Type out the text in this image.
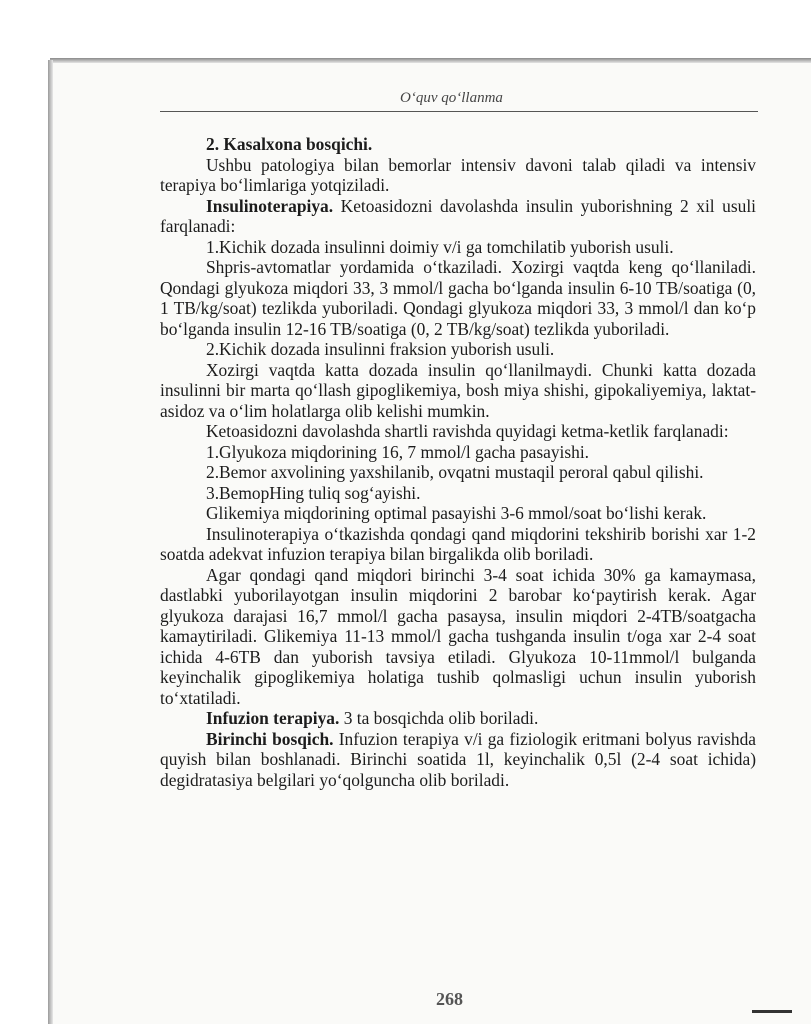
O‘quv qo‘llanma

2. Kasalxona bosqichi.

Ushbu patologiya bilan bemorlar intensiv davoni talab qiladi va intensiv terapiya bo‘limlariga yotqiziladi.

Insulinoterapiya. Ketoasidozni davolashda insulin yuborishning 2 xil usuli farqlanadi:

1.Kichik dozada insulinni doimiy v/i ga tomchilatib yuborish usuli.

Shpris-avtomatlar yordamida o‘tkaziladi. Xozirgi vaqtda keng qo‘llaniladi. Qondagi glyukoza miqdori 33, 3 mmol/l gacha bo‘lganda insulin 6-10 TB/soatiga (0, 1 TB/kg/soat) tezlikda yuboriladi. Qondagi glyukoza miqdori 33, 3 mmol/l dan ko‘p bo‘lganda insulin 12-16 TB/soatiga (0, 2 TB/kg/soat) tezlikda yuboriladi.

2.Kichik dozada insulinni fraksion yuborish usuli.

Xozirgi vaqtda katta dozada insulin qo‘llanilmaydi. Chunki katta dozada insulinni bir marta qo‘llash gipoglikemiya, bosh miya shishi, gipokaliyemiya, laktat-asidoz va o‘lim holatlarga olib kelishi mumkin.

Ketoasidozni davolashda shartli ravishda quyidagi ketma-ketlik farqlanadi:

1.Glyukoza miqdorining 16, 7 mmol/l gacha pasayishi.

2.Bemor axvolining yaxshilanib, ovqatni mustaqil peroral qabul qilishi.

3.BemopHing tuliq sog‘ayishi.

Glikemiya miqdorining optimal pasayishi 3-6 mmol/soat bo‘lishi kerak.

Insulinoterapiya o‘tkazishda qondagi qand miqdorini tekshirib borishi xar 1-2 soatda adekvat infuzion terapiya bilan birgalikda olib boriladi.

Agar qondagi qand miqdori birinchi 3-4 soat ichida 30% ga kamaymasa, dastlabki yuborilayotgan insulin miqdorini 2 barobar ko‘paytirish kerak. Agar glyukoza darajasi 16,7 mmol/l gacha pasaysa, insulin miqdori 2-4TB/soatgacha kamaytiriladi. Glikemiya 11-13 mmol/l gacha tushganda insulin t/oga xar 2-4 soat ichida 4-6TB dan yuborish tavsiya etiladi. Glyukoza 10-11mmol/l bulganda keyinchalik gipoglikemiya holatiga tushib qolmasligi uchun insulin yuborish to‘xtatiladi.

Infuzion terapiya. 3 ta bosqichda olib boriladi.

Birinchi bosqich. Infuzion terapiya v/i ga fiziologik eritmani bolyus ravishda quyish bilan boshlanadi. Birinchi soatida 1l, keyinchalik 0,5l (2-4 soat ichida) degidratasiya belgilari yo‘qolguncha olib boriladi.

268
